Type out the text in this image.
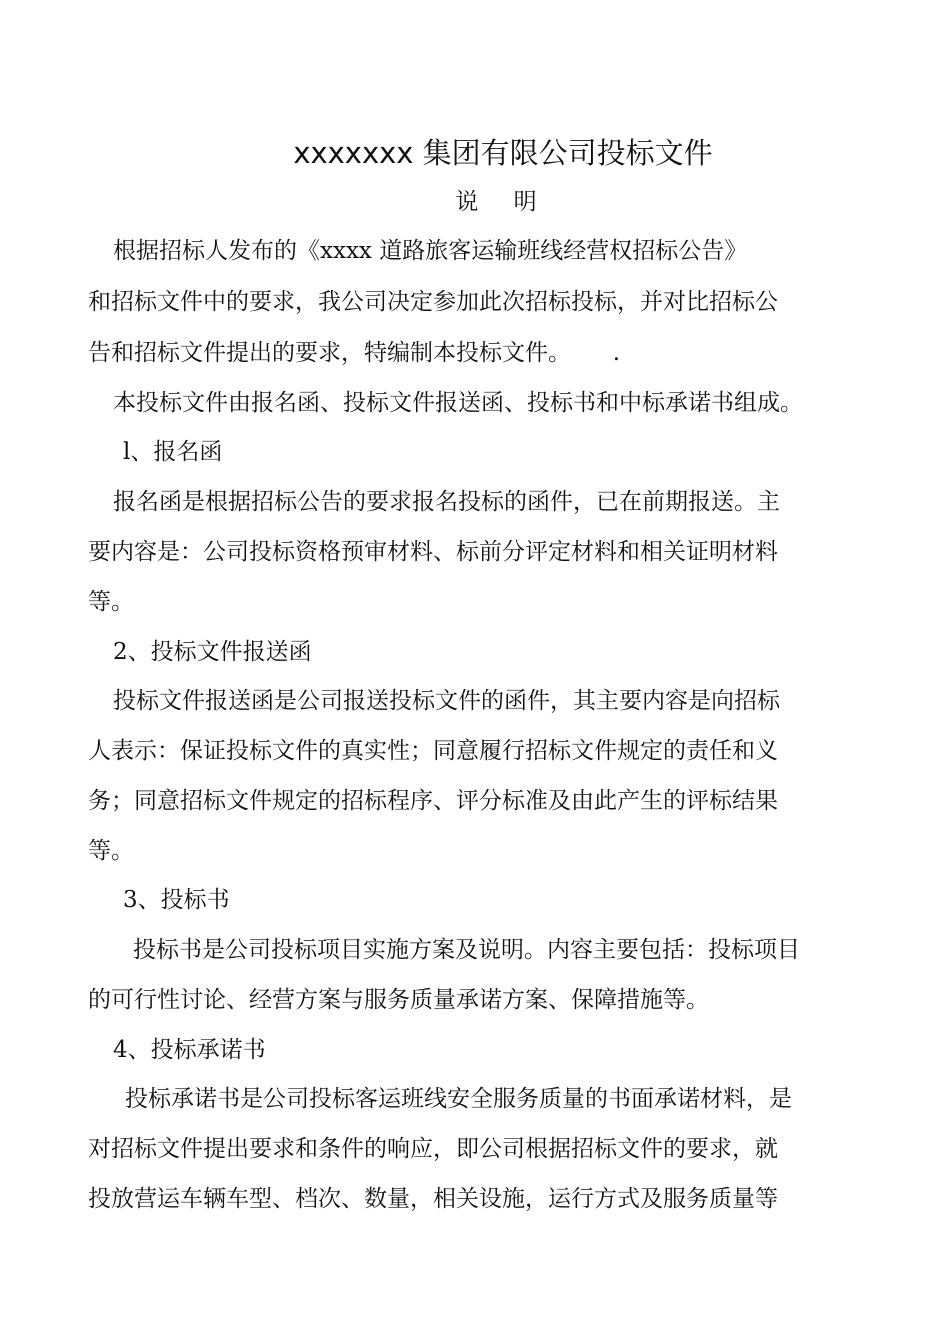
xxxxxxx 集团有限公司投标文件
说 明
根据招标人发布的《xxxx 道路旅客运输班线经营权招标公告》
和招标文件中的要求，我公司决定参加此次招标投标，并对比招标公
告和招标文件提出的要求，特编制本投标文件。　　 .
本投标文件由报名函、投标文件报送函、投标书和中标承诺书组成。
l、报名函
报名函是根据招标公告的要求报名投标的函件，已在前期报送。主
要内容是：公司投标资格预审材料、标前分评定材料和相关证明材料
等。
2、投标文件报送函
投标文件报送函是公司报送投标文件的函件，其主要内容是向招标
人表示：保证投标文件的真实性；同意履行招标文件规定的责任和义
务；同意招标文件规定的招标程序、评分标准及由此产生的评标结果
等。
3、投标书
投标书是公司投标项目实施方案及说明。内容主要包括：投标项目
的可行性讨论、经营方案与服务质量承诺方案、保障措施等。
4、投标承诺书
投标承诺书是公司投标客运班线安全服务质量的书面承诺材料，是
对招标文件提出要求和条件的响应，即公司根据招标文件的要求，就
投放营运车辆车型、档次、数量，相关设施，运行方式及服务质量等
